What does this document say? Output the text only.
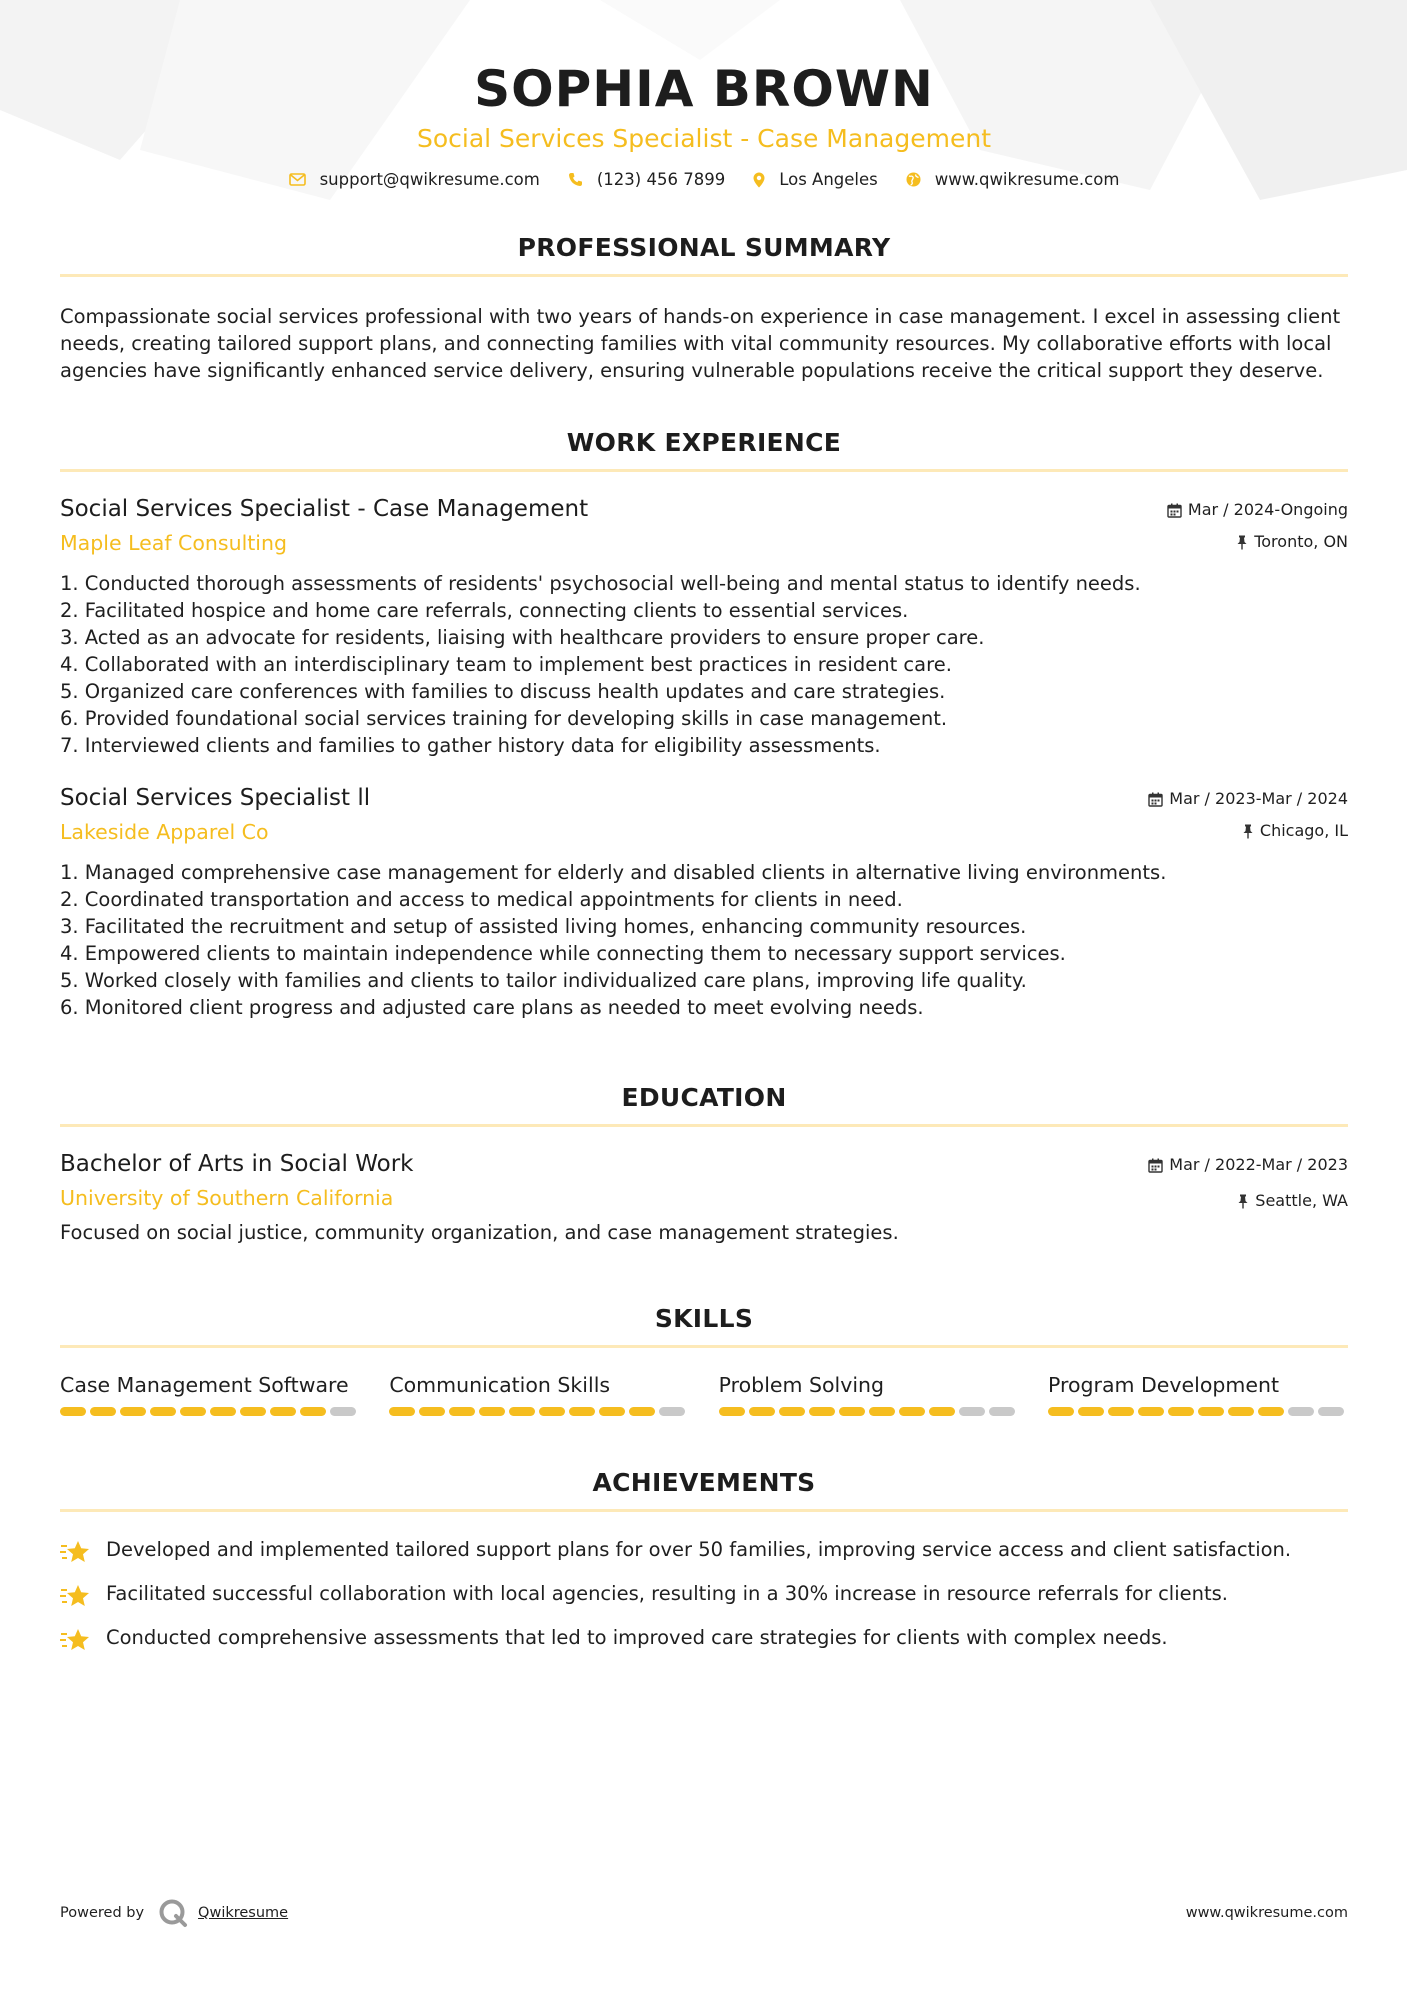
SOPHIA BROWN
Social Services Specialist - Case Management
support@qwikresume.com	(123) 456 7899	Los Angeles	www.qwikresume.com
PROFESSIONAL SUMMARY

Compassionate social services professional with two years of hands-on experience in case management. I excel in assessing client needs, creating tailored support plans, and connecting families with vital community resources. My collaborative efforts with local agencies have significantly enhanced service delivery, ensuring vulnerable populations receive the critical support they deserve.

WORK EXPERIENCE
Social Services Specialist - Case Management
Maple Leaf Consulting
Mar / 2024-Ongoing
Toronto, ON
1. Conducted thorough assessments of residents' psychosocial well-being and mental status to identify needs.
2. Facilitated hospice and home care referrals, connecting clients to essential services.
3. Acted as an advocate for residents, liaising with healthcare providers to ensure proper care.
4. Collaborated with an interdisciplinary team to implement best practices in resident care.
5. Organized care conferences with families to discuss health updates and care strategies.
6. Provided foundational social services training for developing skills in case management.
7. Interviewed clients and families to gather history data for eligibility assessments.
Social Services Specialist ll
Lakeside Apparel Co
Mar / 2023-Mar / 2024
Chicago, IL
1. Managed comprehensive case management for elderly and disabled clients in alternative living environments.
2. Coordinated transportation and access to medical appointments for clients in need.
3. Facilitated the recruitment and setup of assisted living homes, enhancing community resources.
4. Empowered clients to maintain independence while connecting them to necessary support services.
5. Worked closely with families and clients to tailor individualized care plans, improving life quality.
6. Monitored client progress and adjusted care plans as needed to meet evolving needs.
EDUCATION
Bachelor of Arts in Social Work
University of Southern California
Mar / 2022-Mar / 2023
Seattle, WA

Focused on social justice, community organization, and case management strategies.

SKILLS
Case Management Software	Communication Skills	Problem Solving	Program Development
ACHIEVEMENTS
Developed and implemented tailored support plans for over 50 families, improving service access and client satisfaction.
Facilitated successful collaboration with local agencies, resulting in a 30% increase in resource referrals for clients.
Conducted comprehensive assessments that led to improved care strategies for clients with complex needs.
Powered by	Qwikresume	www.qwikresume.com
